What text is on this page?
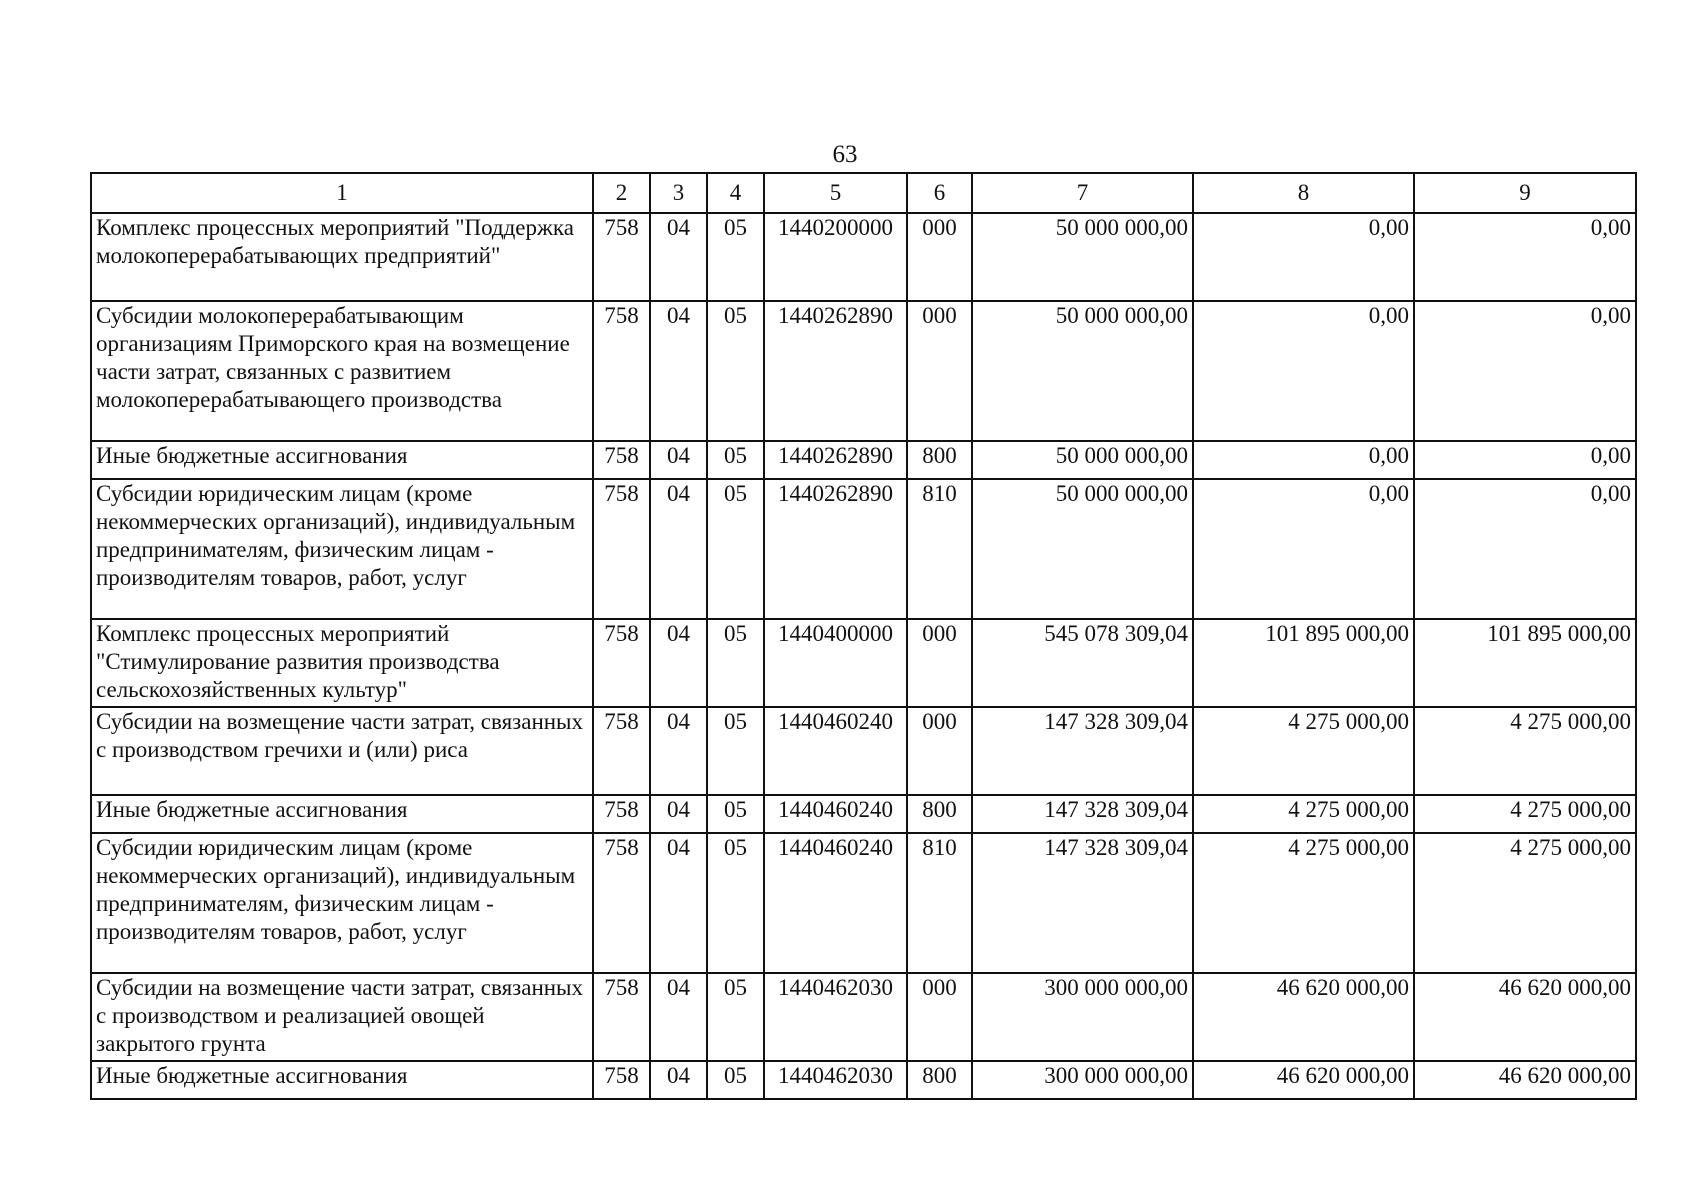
63
1	2	3	4	5	6	7	8	9
Комплекс процессных мероприятий "Поддержка молокоперерабатывающих предприятий"	758	04	05	1440200000	000	50 000 000,00	0,00	0,00
Субсидии молокоперерабатывающим организациям Приморского края на возмещение части затрат, связанных с развитием молокоперерабатывающего производства	758	04	05	1440262890	000	50 000 000,00	0,00	0,00
Иные бюджетные ассигнования	758	04	05	1440262890	800	50 000 000,00	0,00	0,00
Субсидии юридическим лицам (кроме некоммерческих организаций), индивидуальным предпринимателям, физическим лицам - производителям товаров, работ, услуг	758	04	05	1440262890	810	50 000 000,00	0,00	0,00
Комплекс процессных мероприятий "Стимулирование развития производства сельскохозяйственных культур"	758	04	05	1440400000	000	545 078 309,04	101 895 000,00	101 895 000,00
Субсидии на возмещение части затрат, связанных с производством гречихи и (или) риса	758	04	05	1440460240	000	147 328 309,04	4 275 000,00	4 275 000,00
Иные бюджетные ассигнования	758	04	05	1440460240	800	147 328 309,04	4 275 000,00	4 275 000,00
Субсидии юридическим лицам (кроме некоммерческих организаций), индивидуальным предпринимателям, физическим лицам - производителям товаров, работ, услуг	758	04	05	1440460240	810	147 328 309,04	4 275 000,00	4 275 000,00
Субсидии на возмещение части затрат, связанных с производством и реализацией овощей закрытого грунта	758	04	05	1440462030	000	300 000 000,00	46 620 000,00	46 620 000,00
Иные бюджетные ассигнования	758	04	05	1440462030	800	300 000 000,00	46 620 000,00	46 620 000,00
